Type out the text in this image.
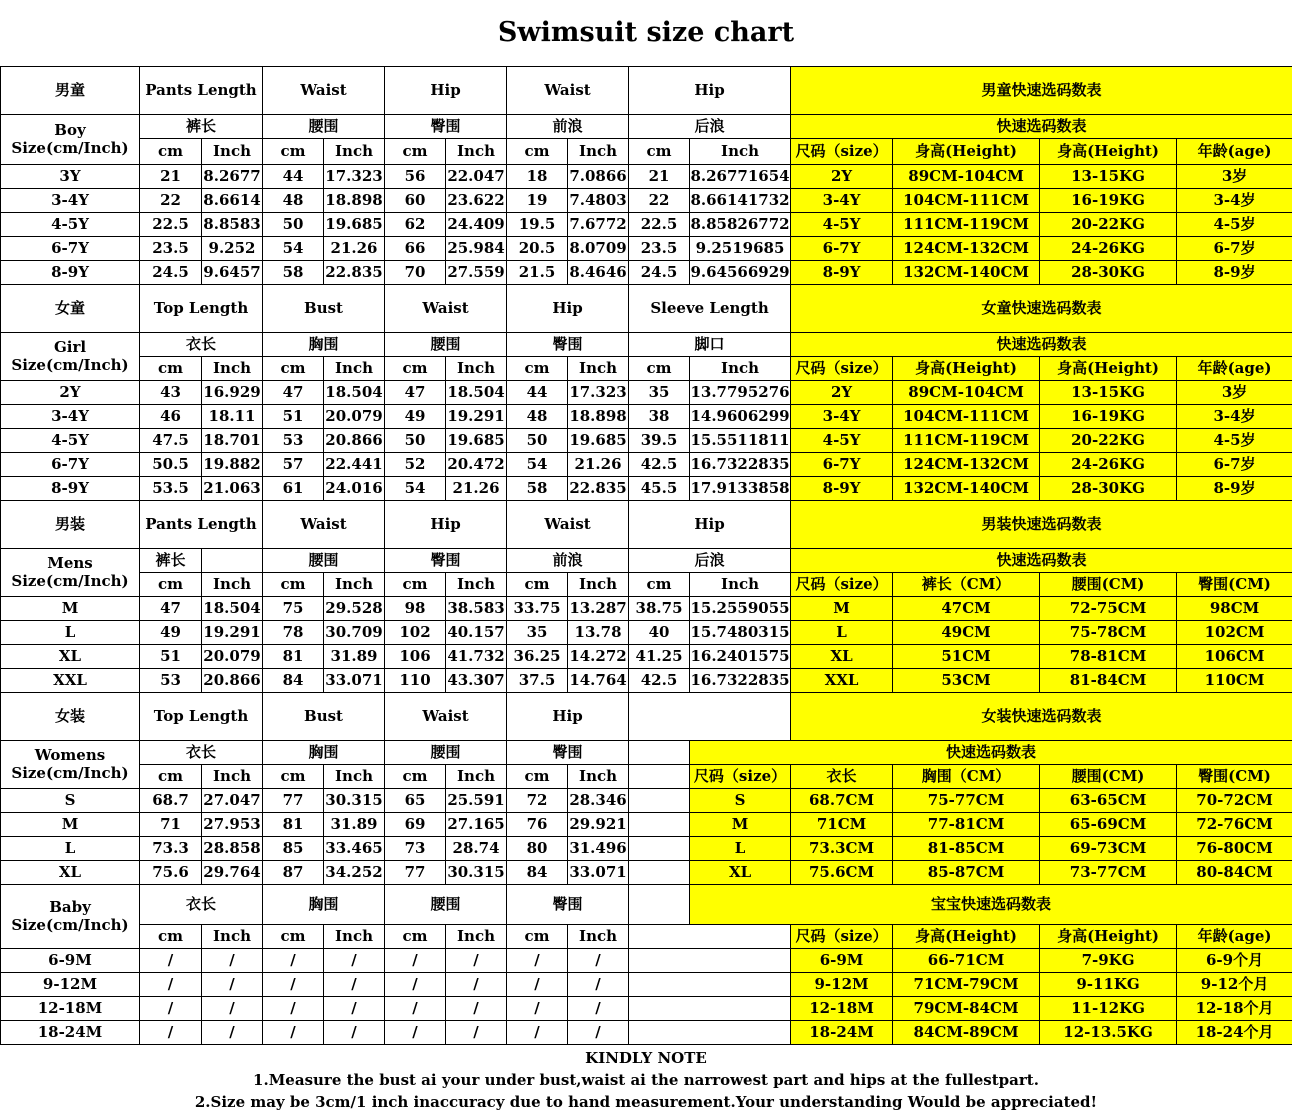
Swimsuit size chart
男童	Pants Length		Waist		Hip		Waist		Hip		男童快速选码数表			

Boy
Size(cm/Inch)	裤长		腰围		臀围		前浪		后浪		快速选码数表			
	cm	Inch	cm	Inch	cm	Inch	cm	Inch	cm	Inch	尺码（size）	身高(Height)	身高(Height)	年龄(age)
3Y	21	8.2677	44	17.323	56	22.047	18	7.0866	21	8.26771654	2Y	89CM-104CM	13-15KG	3岁
3-4Y	22	8.6614	48	18.898	60	23.622	19	7.4803	22	8.66141732	3-4Y	104CM-111CM	16-19KG	3-4岁
4-5Y	22.5	8.8583	50	19.685	62	24.409	19.5	7.6772	22.5	8.85826772	4-5Y	111CM-119CM	20-22KG	4-5岁
6-7Y	23.5	9.252	54	21.26	66	25.984	20.5	8.0709	23.5	9.2519685	6-7Y	124CM-132CM	24-26KG	6-7岁
8-9Y	24.5	9.6457	58	22.835	70	27.559	21.5	8.4646	24.5	9.64566929	8-9Y	132CM-140CM	28-30KG	8-9岁
女童	Top Length		Bust		Waist		Hip		Sleeve Length		女童快速选码数表			

Girl
Size(cm/Inch)	衣长		胸围		腰围		臀围		脚口		快速选码数表			
	cm	Inch	cm	Inch	cm	Inch	cm	Inch	cm	Inch	尺码（size）	身高(Height)	身高(Height)	年龄(age)
2Y	43	16.929	47	18.504	47	18.504	44	17.323	35	13.7795276	2Y	89CM-104CM	13-15KG	3岁
3-4Y	46	18.11	51	20.079	49	19.291	48	18.898	38	14.9606299	3-4Y	104CM-111CM	16-19KG	3-4岁
4-5Y	47.5	18.701	53	20.866	50	19.685	50	19.685	39.5	15.5511811	4-5Y	111CM-119CM	20-22KG	4-5岁
6-7Y	50.5	19.882	57	22.441	52	20.472	54	21.26	42.5	16.7322835	6-7Y	124CM-132CM	24-26KG	6-7岁
8-9Y	53.5	21.063	61	24.016	54	21.26	58	22.835	45.5	17.9133858	8-9Y	132CM-140CM	28-30KG	8-9岁
男装	Pants Length		Waist		Hip		Waist		Hip		男装快速选码数表			

Mens
Size(cm/Inch)	裤长		腰围		臀围		前浪		后浪		快速选码数表			
	cm	Inch	cm	Inch	cm	Inch	cm	Inch	cm	Inch	尺码（size）	裤长（CM）	腰围(CM)	臀围(CM)
M	47	18.504	75	29.528	98	38.583	33.75	13.287	38.75	15.2559055	M	47CM	72-75CM	98CM
L	49	19.291	78	30.709	102	40.157	35	13.78	40	15.7480315	L	49CM	75-78CM	102CM
XL	51	20.079	81	31.89	106	41.732	36.25	14.272	41.25	16.2401575	XL	51CM	78-81CM	106CM
XXL	53	20.866	84	33.071	110	43.307	37.5	14.764	42.5	16.7322835	XXL	53CM	81-84CM	110CM
女装	Top Length		Bust		Waist		Hip				女装快速选码数表			

Womens
Size(cm/Inch)	衣长		胸围		腰围		臀围			快速选码数表				
	cm	Inch	cm	Inch	cm	Inch	cm	Inch		尺码（size）	衣长	胸围（CM）	腰围(CM)	臀围(CM)
S	68.7	27.047	77	30.315	65	25.591	72	28.346		S	68.7CM	75-77CM	63-65CM	70-72CM
M	71	27.953	81	31.89	69	27.165	76	29.921		M	71CM	77-81CM	65-69CM	72-76CM
L	73.3	28.858	85	33.465	73	28.74	80	31.496		L	73.3CM	81-85CM	69-73CM	76-80CM
XL	75.6	29.764	87	34.252	77	30.315	84	33.071		XL	75.6CM	85-87CM	73-77CM	80-84CM

Baby
Size(cm/Inch)	衣长		胸围		腰围		臀围			宝宝快速选码数表				
	cm	Inch	cm	Inch	cm	Inch	cm	Inch			尺码（size）	身高(Height)	身高(Height)	年龄(age)
6-9M	/	/	/	/	/	/	/	/			6-9M	66-71CM	7-9KG	6-9个月
9-12M	/	/	/	/	/	/	/	/			9-12M	71CM-79CM	9-11KG	9-12个月
12-18M	/	/	/	/	/	/	/	/			12-18M	79CM-84CM	11-12KG	12-18个月
18-24M	/	/	/	/	/	/	/	/			18-24M	84CM-89CM	12-13.5KG	18-24个月
KINDLY NOTE
1.Measure the bust ai your under bust,waist ai the narrowest part and hips at the fullestpart.
2.Size may be 3cm/1 inch inaccuracy due to hand measurement.Your understanding Would be appreciated!
